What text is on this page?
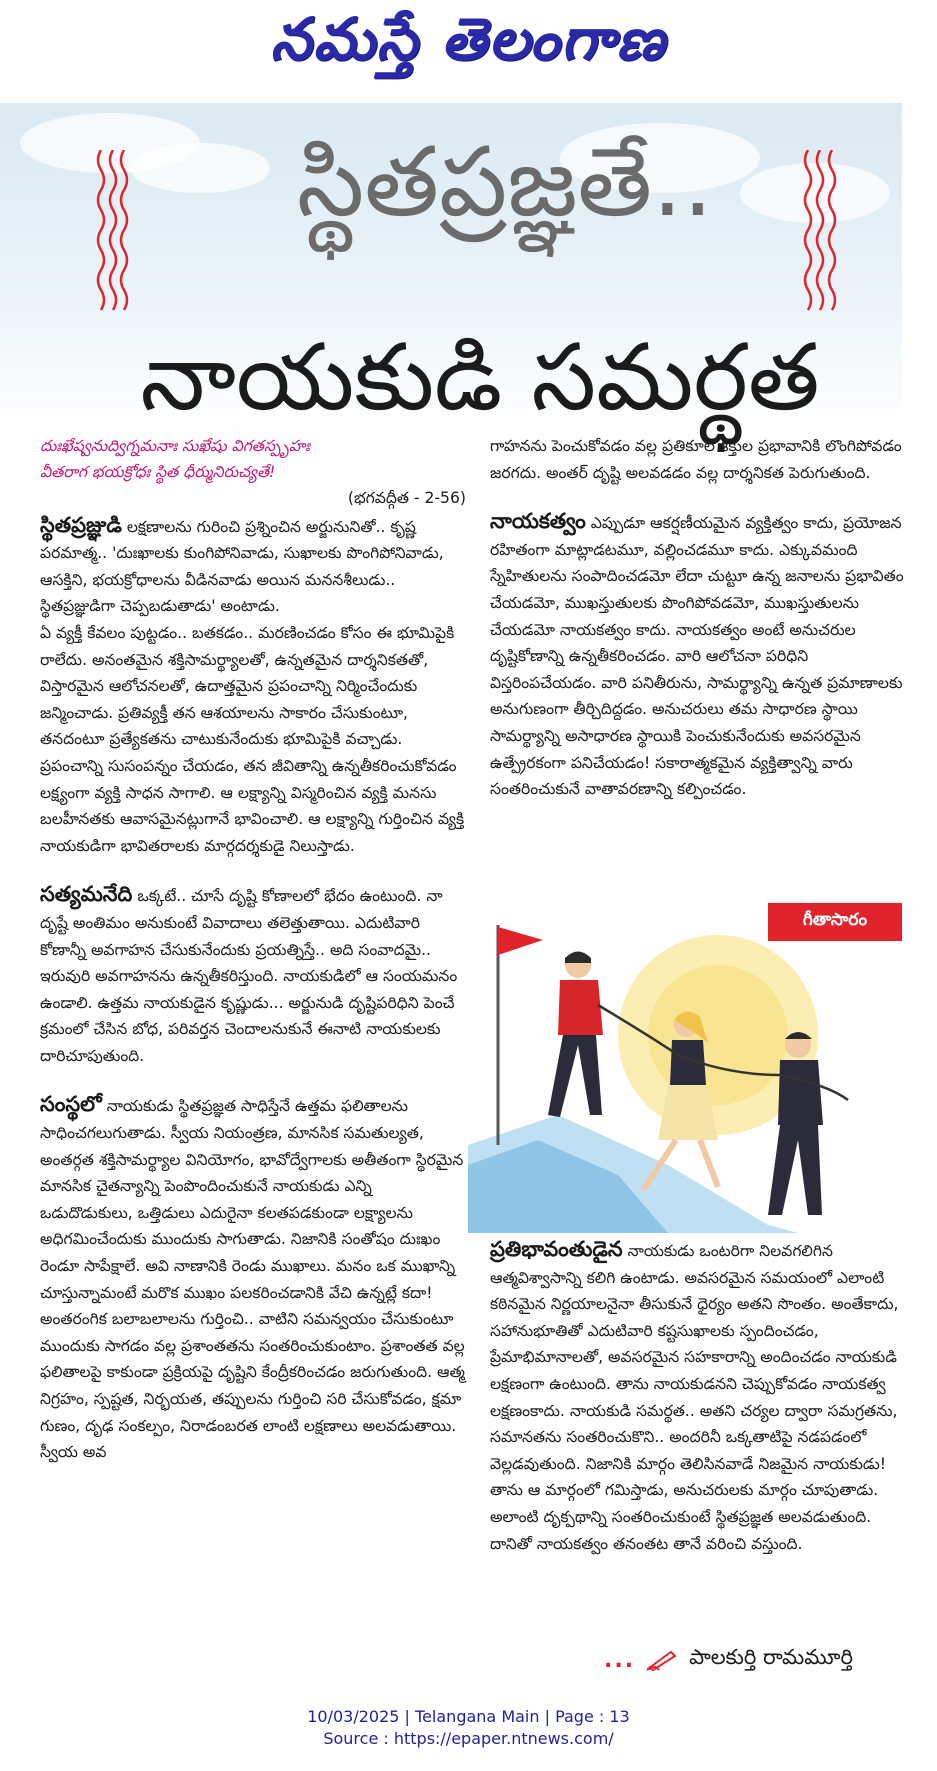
నమస్తే తెలంగాణ
స్థితప్రజ్ఞతే..
నాయకుడి సమర్థత

దుఃఖేష్వనుద్విగ్నమనాః సుఖేషు విగతస్పృహః

వీతరాగ భయక్రోధః స్థిత ధీర్మునిరుచ్యతే!

(భగవద్గీత - 2-56)

స్థితప్రజ్ఞుడి లక్షణాలను గురించి ప్రశ్నించిన అర్జునునితో.. కృష్ణ పరమాత్మ.. 'దుఃఖాలకు కుంగిపోనివాడు, సుఖాలకు పొంగిపోనివాడు, ఆసక్తిని, భయక్రోధాలను వీడినవాడు అయిన మననశీలుడు.. స్థితప్రజ్ఞుడిగా చెప్పబడుతాడు' అంటాడు.

ఏ వ్యక్తీ కేవలం పుట్టడం.. బతకడం.. మరణించడం కోసం ఈ భూమిపైకి రాలేదు. అనంతమైన శక్తిసామర్థ్యాలతో, ఉన్నతమైన దార్శనికతతో, విస్తారమైన ఆలోచనలతో, ఉదాత్తమైన ప్రపంచాన్ని నిర్మించేందుకు జన్మించాడు. ప్రతివ్యక్తీ తన ఆశయాలను సాకారం చేసుకుంటూ, తనదంటూ ప్రత్యేకతను చాటుకునేందుకు భూమిపైకి వచ్చాడు. ప్రపంచాన్ని సుసంపన్నం చేయడం, తన జీవితాన్ని ఉన్నతీకరించుకోవడం లక్ష్యంగా వ్యక్తి సాధన సాగాలి. ఆ లక్ష్యాన్ని విస్మరించిన వ్యక్తి మనసు బలహీనతకు ఆవాసమైనట్లుగానే భావించాలి. ఆ లక్ష్యాన్ని గుర్తించిన వ్యక్తి నాయకుడిగా భావితరాలకు మార్గదర్శకుడై నిలుస్తాడు.

సత్యమనేది ఒక్కటే.. చూసే దృష్టి కోణాలలో భేదం ఉంటుంది. నా దృష్టే అంతిమం అనుకుంటే వివాదాలు తలెత్తుతాయి. ఎదుటివారి కోణాన్నీ అవగాహన చేసుకునేందుకు ప్రయత్నిస్తే.. అది సంవాదమై.. ఇరువురి అవగాహనను ఉన్నతీకరిస్తుంది. నాయకుడిలో ఆ సంయమనం ఉండాలి. ఉత్తమ నాయకుడైన కృష్ణుడు... అర్జునుడి దృష్టిపరిధిని పెంచే క్రమంలో చేసిన బోధ, పరివర్తన చెందాలనుకునే ఈనాటి నాయకులకు దారిచూపుతుంది.

సంస్థలో నాయకుడు స్థితప్రజ్ఞత సాధిస్తేనే ఉత్తమ ఫలితాలను సాధించగలుగుతాడు. స్వీయ నియంత్రణ, మానసిక సమతుల్యత, అంతర్గత శక్తిసామర్థ్యాల వినియోగం, భావోద్వేగాలకు అతీతంగా స్థిరమైన మానసిక చైతన్యాన్ని పెంపొందించుకునే నాయకుడు ఎన్ని ఒడుదొడుకులు, ఒత్తిడులు ఎదురైనా కలతపడకుండా లక్ష్యాలను అధిగమించేందుకు ముందుకు సాగుతాడు. నిజానికి సంతోషం దుఃఖం రెండూ సాపేక్షాలే. అవి నాణానికి రెండు ముఖాలు. మనం ఒక ముఖాన్ని చూస్తున్నామంటే మరొక ముఖం పలకరించడానికి వేచి ఉన్నట్లే కదా! అంతరంగిక బలాబలాలను గుర్తించి.. వాటిని సమన్వయం చేసుకుంటూ ముందుకు సాగడం వల్ల ప్రశాంతతను సంతరించుకుంటాం. ప్రశాంతత వల్ల ఫలితాలపై కాకుండా ప్రక్రియపై దృష్టిని కేంద్రీకరించడం జరుగుతుంది. ఆత్మ నిగ్రహం, స్పష్టత, నిర్భయత, తప్పులను గుర్తించి సరి చేసుకోవడం, క్షమా గుణం, దృఢ సంకల్పం, నిరాడంబరత లాంటి లక్షణాలు అలవడుతాయి. స్వీయ అవ

గాహనను పెంచుకోవడం వల్ల ప్రతికూల శక్తుల ప్రభావానికి లొంగిపోవడం జరగదు. అంతర్ దృష్టి అలవడడం వల్ల దార్శనికత పెరుగుతుంది.

నాయకత్వం ఎప్పుడూ ఆకర్షణీయమైన వ్యక్తిత్వం కాదు, ప్రయోజన రహితంగా మాట్లాడటమూ, వల్లించడమూ కాదు. ఎక్కువమంది స్నేహితులను సంపాదించడమో లేదా చుట్టూ ఉన్న జనాలను ప్రభావితం చేయడమో, ముఖస్తుతులకు పొంగిపోవడమో, ముఖస్తుతులను చేయడమో నాయకత్వం కాదు. నాయకత్వం అంటే అనుచరుల దృష్టికోణాన్ని ఉన్నతీకరించడం. వారి ఆలోచనా పరిధిని విస్తరింపచేయడం. వారి పనితీరును, సామర్థ్యాన్ని ఉన్నత ప్రమాణాలకు అనుగుణంగా తీర్చిదిద్దడం. అనుచరులు తమ సాధారణ స్థాయి సామర్థ్యాన్ని అసాధారణ స్థాయికి పెంచుకునేందుకు అవసరమైన ఉత్ప్రేరకంగా పనిచేయడం! సకారాత్మకమైన వ్యక్తిత్వాన్ని వారు సంతరించుకునే వాతావరణాన్ని కల్పించడం.

గీతాసారం

ప్రతిభావంతుడైన నాయకుడు ఒంటరిగా నిలవగలిగిన ఆత్మవిశ్వాసాన్ని కలిగి ఉంటాడు. అవసరమైన సమయంలో ఎలాంటి కఠినమైన నిర్ణయాలనైనా తీసుకునే ధైర్యం అతని సొంతం. అంతేకాదు, సహానుభూతితో ఎదుటివారి కష్టసుఖాలకు స్పందించడం, ప్రేమాభిమానాలతో, అవసరమైన సహకారాన్ని అందించడం నాయకుడి లక్షణంగా ఉంటుంది. తాను నాయకుడనని చెప్పుకోవడం నాయకత్వ లక్షణంకాదు. నాయకుడి సమర్థత.. అతని చర్యల ద్వారా సమగ్రతను, సమానతను సంతరించుకొని.. అందరినీ ఒక్కతాటిపై నడపడంలో వెల్లడవుతుంది. నిజానికి మార్గం తెలిసినవాడే నిజమైన నాయకుడు! తాను ఆ మార్గంలో గమిస్తాడు, అనుచరులకు మార్గం చూపుతాడు. అలాంటి దృక్పథాన్ని సంతరించుకుంటే స్థితప్రజ్ఞత అలవడుతుంది. దానితో నాయకత్వం తనంతట తానే వరించి వస్తుంది.

...	పాలకుర్తి రామమూర్తి
10/03/2025 | Telangana Main | Page : 13
Source : https://epaper.ntnews.com/
